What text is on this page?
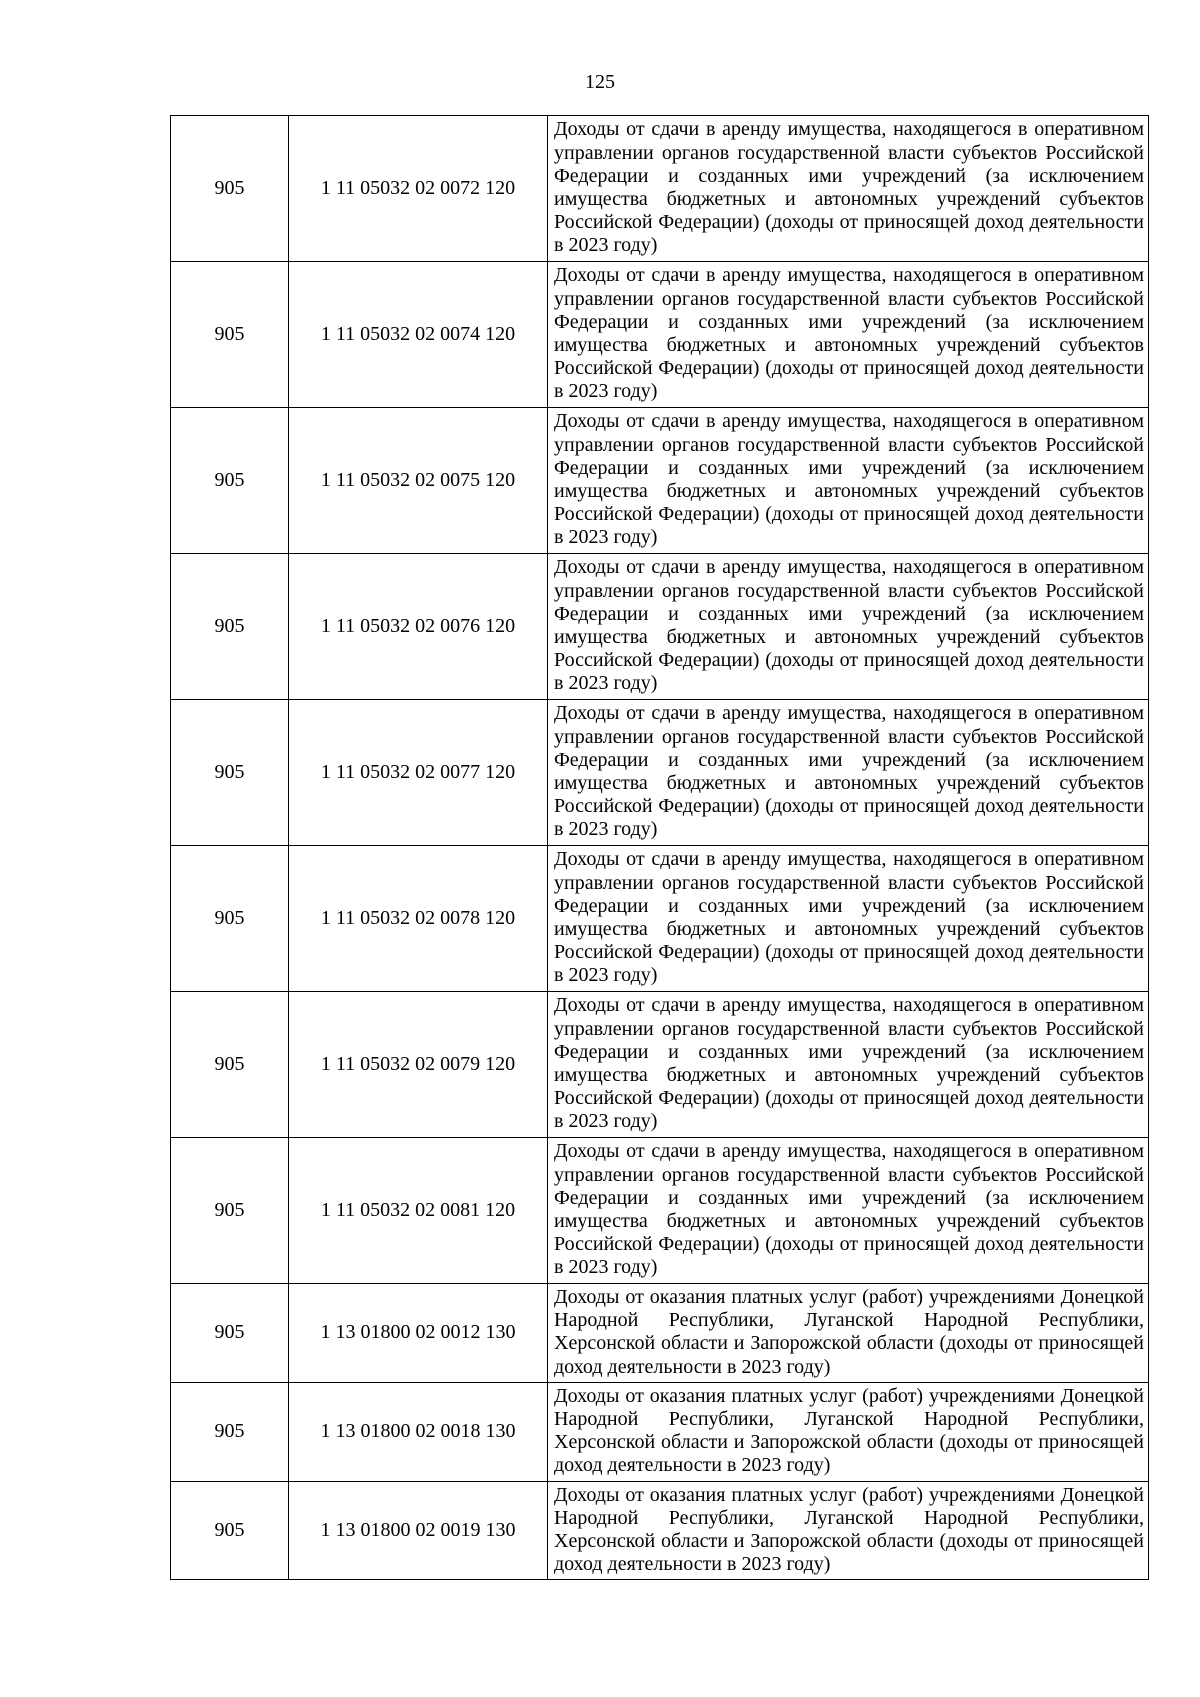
125
905	1 11 05032 02 0072 120	Доходы от сдачи в аренду имущества, находящегося в оперативном управлении органов государственной власти субъектов Российской Федерации и созданных ими учреждений (за исключением имущества бюджетных и автономных учреждений субъектов Российской Федерации) (доходы от приносящей доход деятельности в 2023 году)

905	1 11 05032 02 0074 120	Доходы от сдачи в аренду имущества, находящегося в оперативном управлении органов государственной власти субъектов Российской Федерации и созданных ими учреждений (за исключением имущества бюджетных и автономных учреждений субъектов Российской Федерации) (доходы от приносящей доход деятельности в 2023 году)

905	1 11 05032 02 0075 120	Доходы от сдачи в аренду имущества, находящегося в оперативном управлении органов государственной власти субъектов Российской Федерации и созданных ими учреждений (за исключением имущества бюджетных и автономных учреждений субъектов Российской Федерации) (доходы от приносящей доход деятельности в 2023 году)

905	1 11 05032 02 0076 120	Доходы от сдачи в аренду имущества, находящегося в оперативном управлении органов государственной власти субъектов Российской Федерации и созданных ими учреждений (за исключением имущества бюджетных и автономных учреждений субъектов Российской Федерации) (доходы от приносящей доход деятельности в 2023 году)

905	1 11 05032 02 0077 120	Доходы от сдачи в аренду имущества, находящегося в оперативном управлении органов государственной власти субъектов Российской Федерации и созданных ими учреждений (за исключением имущества бюджетных и автономных учреждений субъектов Российской Федерации) (доходы от приносящей доход деятельности в 2023 году)

905	1 11 05032 02 0078 120	Доходы от сдачи в аренду имущества, находящегося в оперативном управлении органов государственной власти субъектов Российской Федерации и созданных ими учреждений (за исключением имущества бюджетных и автономных учреждений субъектов Российской Федерации) (доходы от приносящей доход деятельности в 2023 году)

905	1 11 05032 02 0079 120	Доходы от сдачи в аренду имущества, находящегося в оперативном управлении органов государственной власти субъектов Российской Федерации и созданных ими учреждений (за исключением имущества бюджетных и автономных учреждений субъектов Российской Федерации) (доходы от приносящей доход деятельности в 2023 году)

905	1 11 05032 02 0081 120	Доходы от сдачи в аренду имущества, находящегося в оперативном управлении органов государственной власти субъектов Российской Федерации и созданных ими учреждений (за исключением имущества бюджетных и автономных учреждений субъектов Российской Федерации) (доходы от приносящей доход деятельности в 2023 году)

905	1 13 01800 02 0012 130	Доходы от оказания платных услуг (работ) учреждениями Донецкой Народной Республики, Луганской Народной Республики, Херсонской области и Запорожской области (доходы от приносящей доход деятельности в 2023 году)

905	1 13 01800 02 0018 130	Доходы от оказания платных услуг (работ) учреждениями Донецкой Народной Республики, Луганской Народной Республики, Херсонской области и Запорожской области (доходы от приносящей доход деятельности в 2023 году)

905	1 13 01800 02 0019 130	Доходы от оказания платных услуг (работ) учреждениями Донецкой Народной Республики, Луганской Народной Республики, Херсонской области и Запорожской области (доходы от приносящей доход деятельности в 2023 году)
